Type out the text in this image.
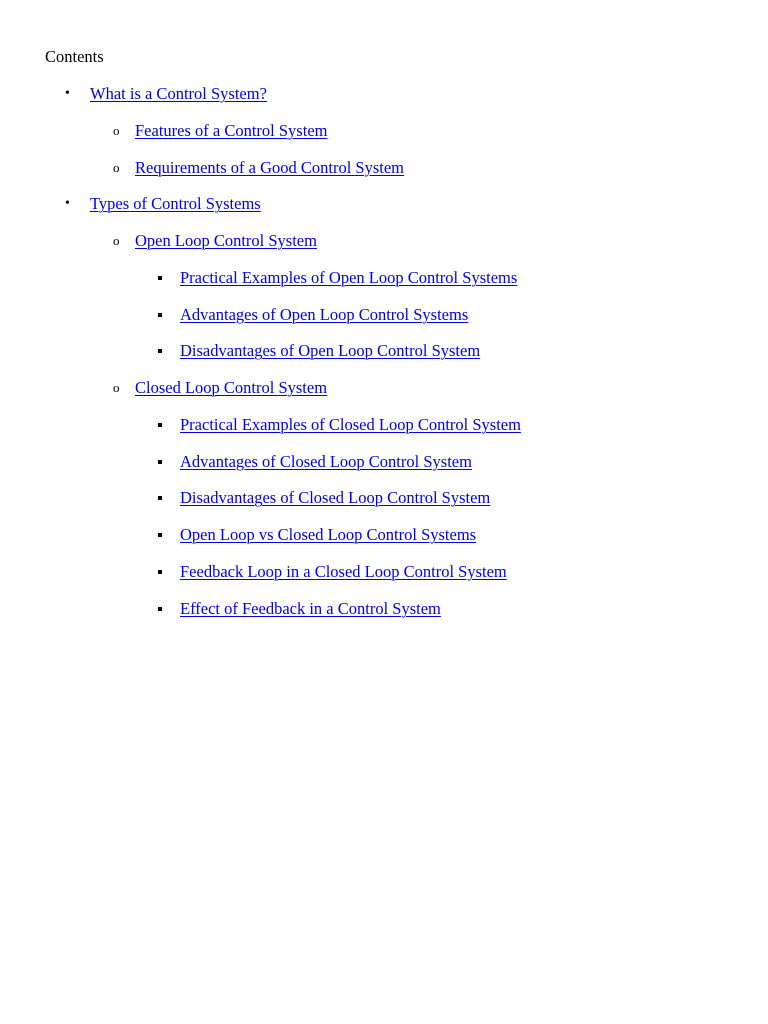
Contents
• What is a Control System?
o Features of a Control System
o Requirements of a Good Control System
• Types of Control Systems
o Open Loop Control System
Practical Examples of Open Loop Control Systems
Advantages of Open Loop Control Systems
Disadvantages of Open Loop Control System
o Closed Loop Control System
Practical Examples of Closed Loop Control System
Advantages of Closed Loop Control System
Disadvantages of Closed Loop Control System
Open Loop vs Closed Loop Control Systems
Feedback Loop in a Closed Loop Control System
Effect of Feedback in a Control System
